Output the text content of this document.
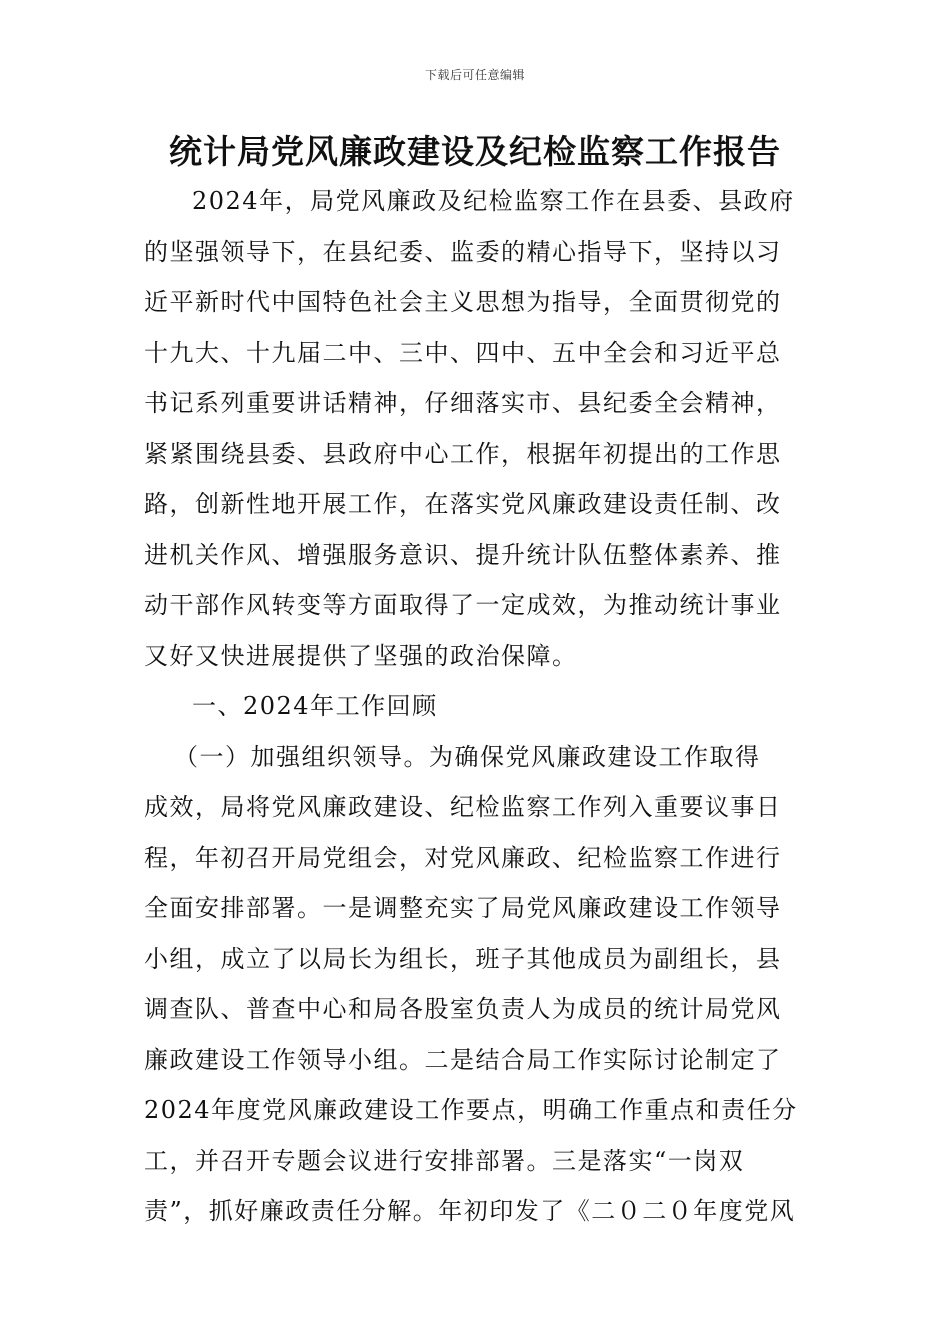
下载后可任意编辑
统计局党风廉政建设及纪检监察工作报告
2024年，局党风廉政及纪检监察工作在县委、县政府
的坚强领导下，在县纪委、监委的精心指导下，坚持以习
近平新时代中国特色社会主义思想为指导，全面贯彻党的
十九大、十九届二中、三中、四中、五中全会和习近平总
书记系列重要讲话精神，仔细落实市、县纪委全会精神，
紧紧围绕县委、县政府中心工作，根据年初提出的工作思
路，创新性地开展工作，在落实党风廉政建设责任制、改
进机关作风、增强服务意识、提升统计队伍整体素养、推
动干部作风转变等方面取得了一定成效，为推动统计事业
又好又快进展提供了坚强的政治保障。
一、2024年工作回顾
（一）加强组织领导。为确保党风廉政建设工作取得
成效，局将党风廉政建设、纪检监察工作列入重要议事日
程，年初召开局党组会，对党风廉政、纪检监察工作进行
全面安排部署。一是调整充实了局党风廉政建设工作领导
小组，成立了以局长为组长，班子其他成员为副组长，县
调查队、普查中心和局各股室负责人为成员的统计局党风
廉政建设工作领导小组。二是结合局工作实际讨论制定了
2024年度党风廉政建设工作要点，明确工作重点和责任分
工，并召开专题会议进行安排部署。三是落实“一岗双
责”，抓好廉政责任分解。年初印发了《二０二０年度党风
